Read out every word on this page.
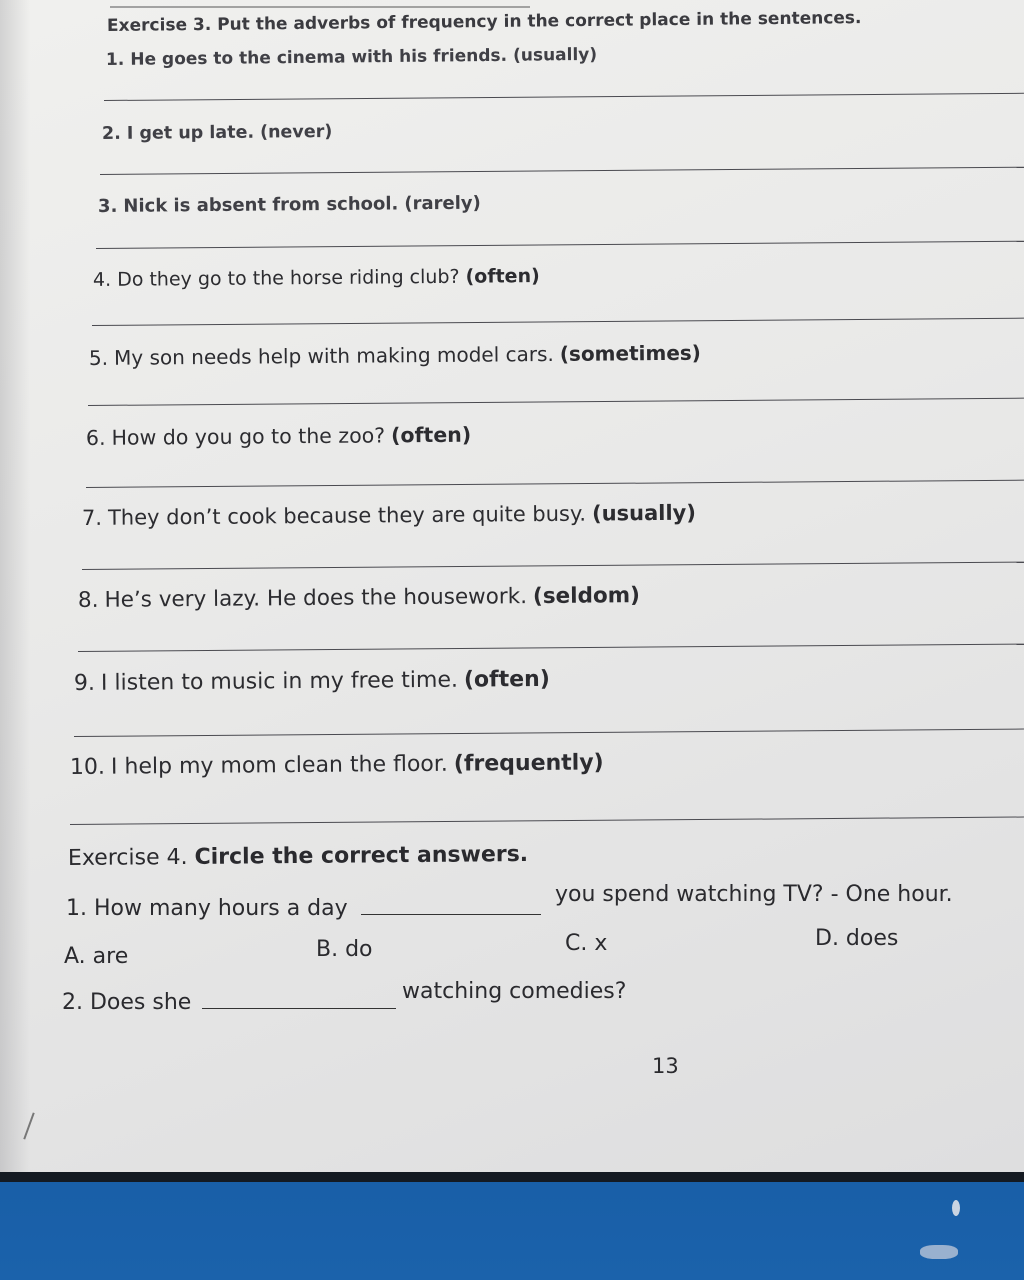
Exercise 3. Put the adverbs of frequency in the correct place in the sentences.
1. He goes to the cinema with his friends. (usually)
2. I get up late. (never)
3. Nick is absent from school. (rarely)
4. Do they go to the horse riding club? (often)
5. My son needs help with making model cars. (sometimes)
6. How do you go to the zoo? (often)
7. They don’t cook because they are quite busy. (usually)
8. He’s very lazy. He does the housework. (seldom)
9. I listen to music in my free time. (often)
10. I help my mom clean the floor. (frequently)
Exercise 4. Circle the correct answers.
1. How many hours a day
you spend watching TV? - One hour.
A. are	B. do	C. x	D. does
2. Does she	watching comedies?
13
